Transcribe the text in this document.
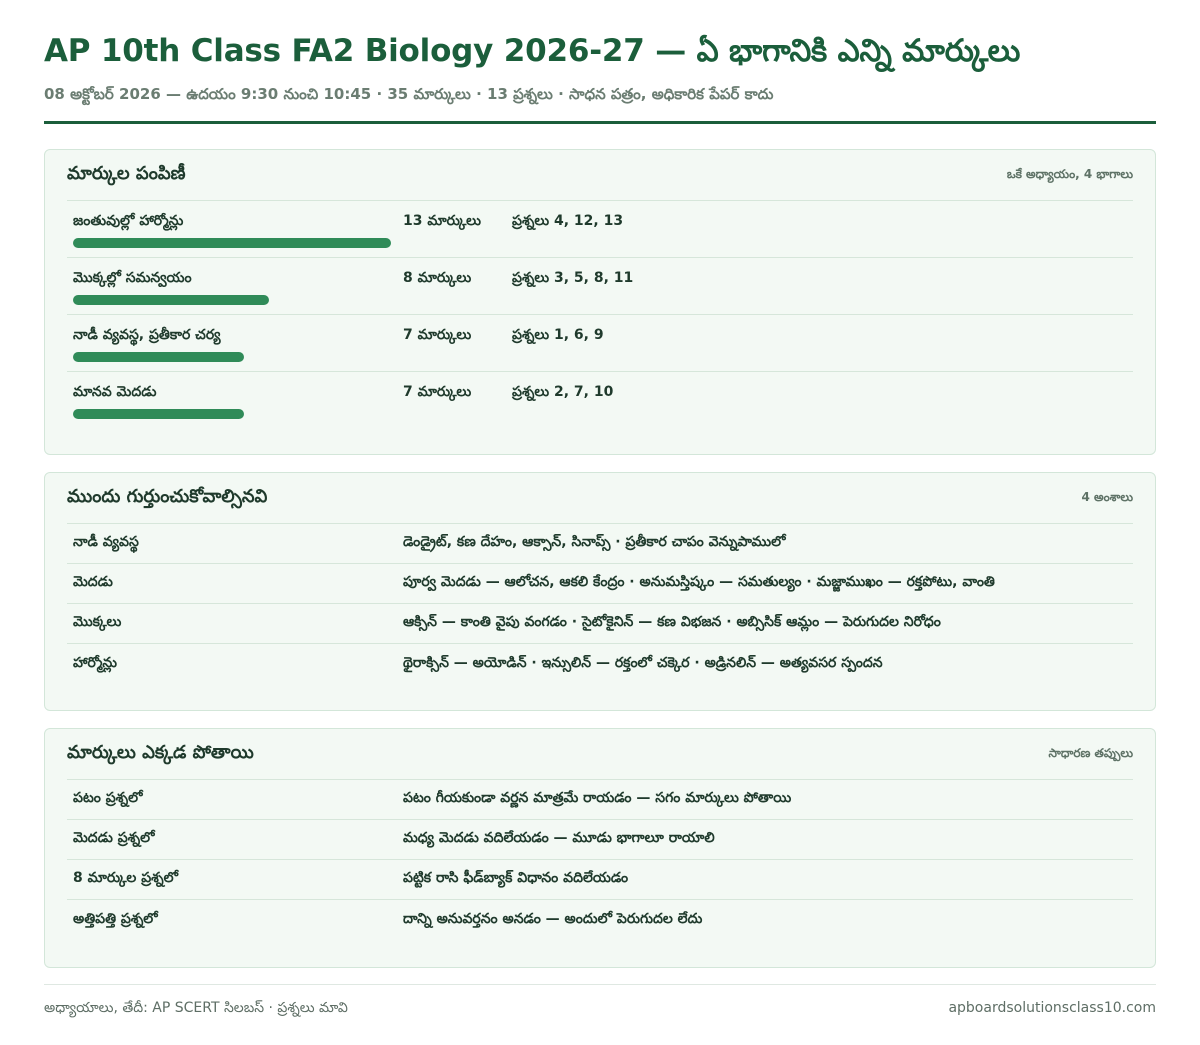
AP 10th Class FA2 Biology 2026-27 — ఏ భాగానికి ఎన్ని మార్కులు
08 అక్టోబర్ 2026 — ఉదయం 9:30 నుంచి 10:45 · 35 మార్కులు · 13 ప్రశ్నలు · సాధన పత్రం, అధికారిక పేపర్ కాదు
మార్కుల పంపిణీ	ఒకే అధ్యాయం, 4 భాగాలు
జంతువుల్లో హార్మోన్లు	13 మార్కులు	ప్రశ్నలు 4, 12, 13
మొక్కల్లో సమన్వయం	8 మార్కులు	ప్రశ్నలు 3, 5, 8, 11
నాడీ వ్యవస్థ, ప్రతీకార చర్య	7 మార్కులు	ప్రశ్నలు 1, 6, 9
మానవ మెదడు	7 మార్కులు	ప్రశ్నలు 2, 7, 10
ముందు గుర్తుంచుకోవాల్సినవి	4 అంశాలు
నాడీ వ్యవస్థ	డెండ్రైట్, కణ దేహం, ఆక్సాన్, సినాప్స్ · ప్రతీకార చాపం వెన్నుపాములో
మెదడు	పూర్వ మెదడు — ఆలోచన, ఆకలి కేంద్రం · అనుమస్తిష్కం — సమతుల్యం · మజ్జాముఖం — రక్తపోటు, వాంతి
మొక్కలు	ఆక్సిన్ — కాంతి వైపు వంగడం · సైటోకైనిన్ — కణ విభజన · అబ్సిసిక్ ఆమ్లం — పెరుగుదల నిరోధం
హార్మోన్లు	థైరాక్సిన్ — అయోడిన్ · ఇన్సులిన్ — రక్తంలో చక్కెర · అడ్రినలిన్ — అత్యవసర స్పందన
మార్కులు ఎక్కడ పోతాయి	సాధారణ తప్పులు
పటం ప్రశ్నలో	పటం గీయకుండా వర్ణన మాత్రమే రాయడం — సగం మార్కులు పోతాయి
మెదడు ప్రశ్నలో	మధ్య మెదడు వదిలేయడం — మూడు భాగాలూ రాయాలి
8 మార్కుల ప్రశ్నలో	పట్టిక రాసి ఫీడ్‌బ్యాక్ విధానం వదిలేయడం
అత్తిపత్తి ప్రశ్నలో	దాన్ని అనువర్తనం అనడం — అందులో పెరుగుదల లేదు
అధ్యాయాలు, తేదీ: AP SCERT సిలబస్ · ప్రశ్నలు మావి	apboardsolutionsclass10.com
